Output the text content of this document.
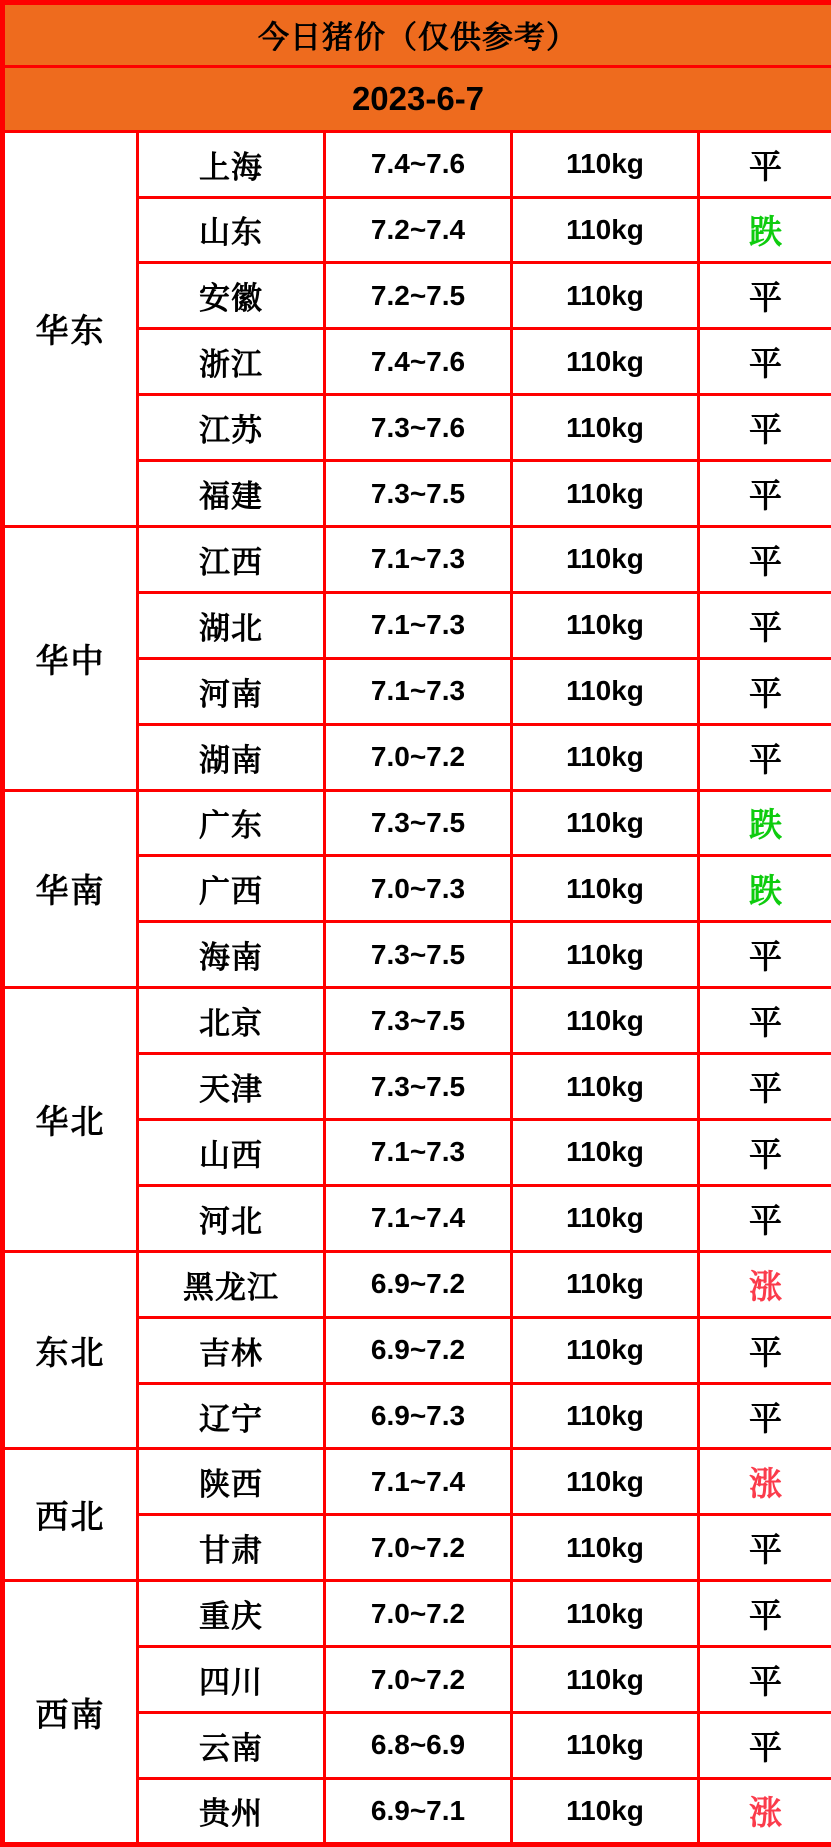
今日猪价（仅供参考）				
2023-6-7				
华东	上海	7.4~7.6	110kg	平
	山东	7.2~7.4	110kg	跌
	安徽	7.2~7.5	110kg	平
	浙江	7.4~7.6	110kg	平
	江苏	7.3~7.6	110kg	平
	福建	7.3~7.5	110kg	平
华中	江西	7.1~7.3	110kg	平
	湖北	7.1~7.3	110kg	平
	河南	7.1~7.3	110kg	平
	湖南	7.0~7.2	110kg	平
华南	广东	7.3~7.5	110kg	跌
	广西	7.0~7.3	110kg	跌
	海南	7.3~7.5	110kg	平
华北	北京	7.3~7.5	110kg	平
	天津	7.3~7.5	110kg	平
	山西	7.1~7.3	110kg	平
	河北	7.1~7.4	110kg	平
东北	黑龙江	6.9~7.2	110kg	涨
	吉林	6.9~7.2	110kg	平
	辽宁	6.9~7.3	110kg	平
西北	陕西	7.1~7.4	110kg	涨
	甘肃	7.0~7.2	110kg	平
西南	重庆	7.0~7.2	110kg	平
	四川	7.0~7.2	110kg	平
	云南	6.8~6.9	110kg	平
	贵州	6.9~7.1	110kg	涨
